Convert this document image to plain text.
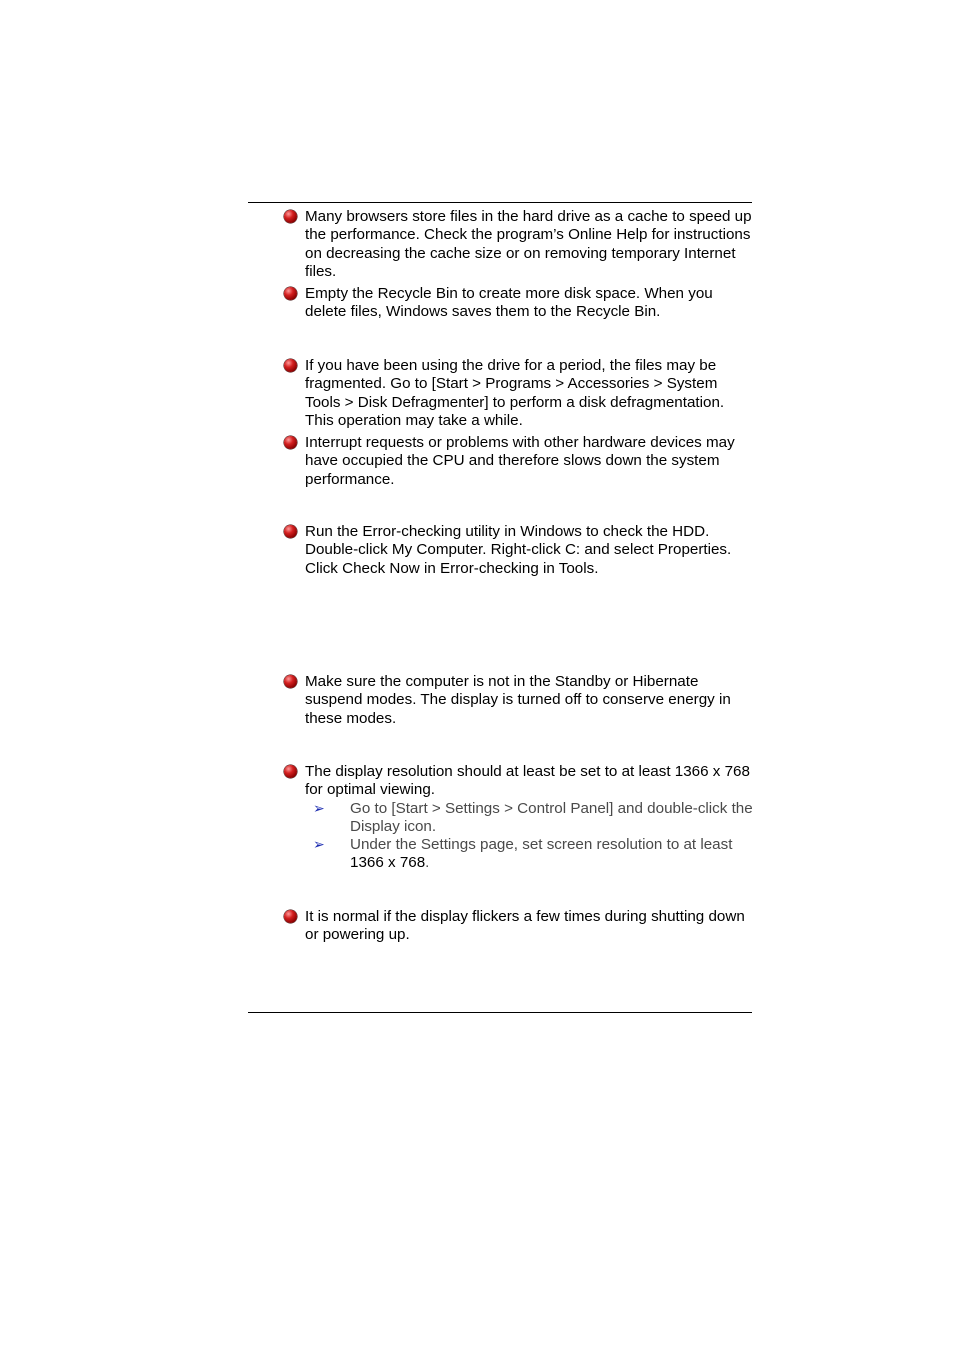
Many browsers store files in the hard drive as a cache to speed up the performance. Check the program’s Online Help for instructions on decreasing the cache size or on removing temporary Internet files.
Empty the Recycle Bin to create more disk space. When you delete files, Windows saves them to the Recycle Bin.
If you have been using the drive for a period, the files may be fragmented. Go to [Start > Programs > Accessories > System Tools > Disk Defragmenter] to perform a disk defragmentation. This operation may take a while.
Interrupt requests or problems with other hardware devices may have occupied the CPU and therefore slows down the system performance.
Run the Error-checking utility in Windows to check the HDD. Double-click My Computer. Right-click C: and select Properties. Click Check Now in Error-checking in Tools.
Make sure the computer is not in the Standby or Hibernate suspend modes. The display is turned off to conserve energy in these modes.
The display resolution should at least be set to at least 1366 x 768 for optimal viewing.
➢ Go to [Start > Settings > Control Panel] and double-click the Display icon.
➢ Under the Settings page, set screen resolution to at least 1366 x 768.
It is normal if the display flickers a few times during shutting down or powering up.
